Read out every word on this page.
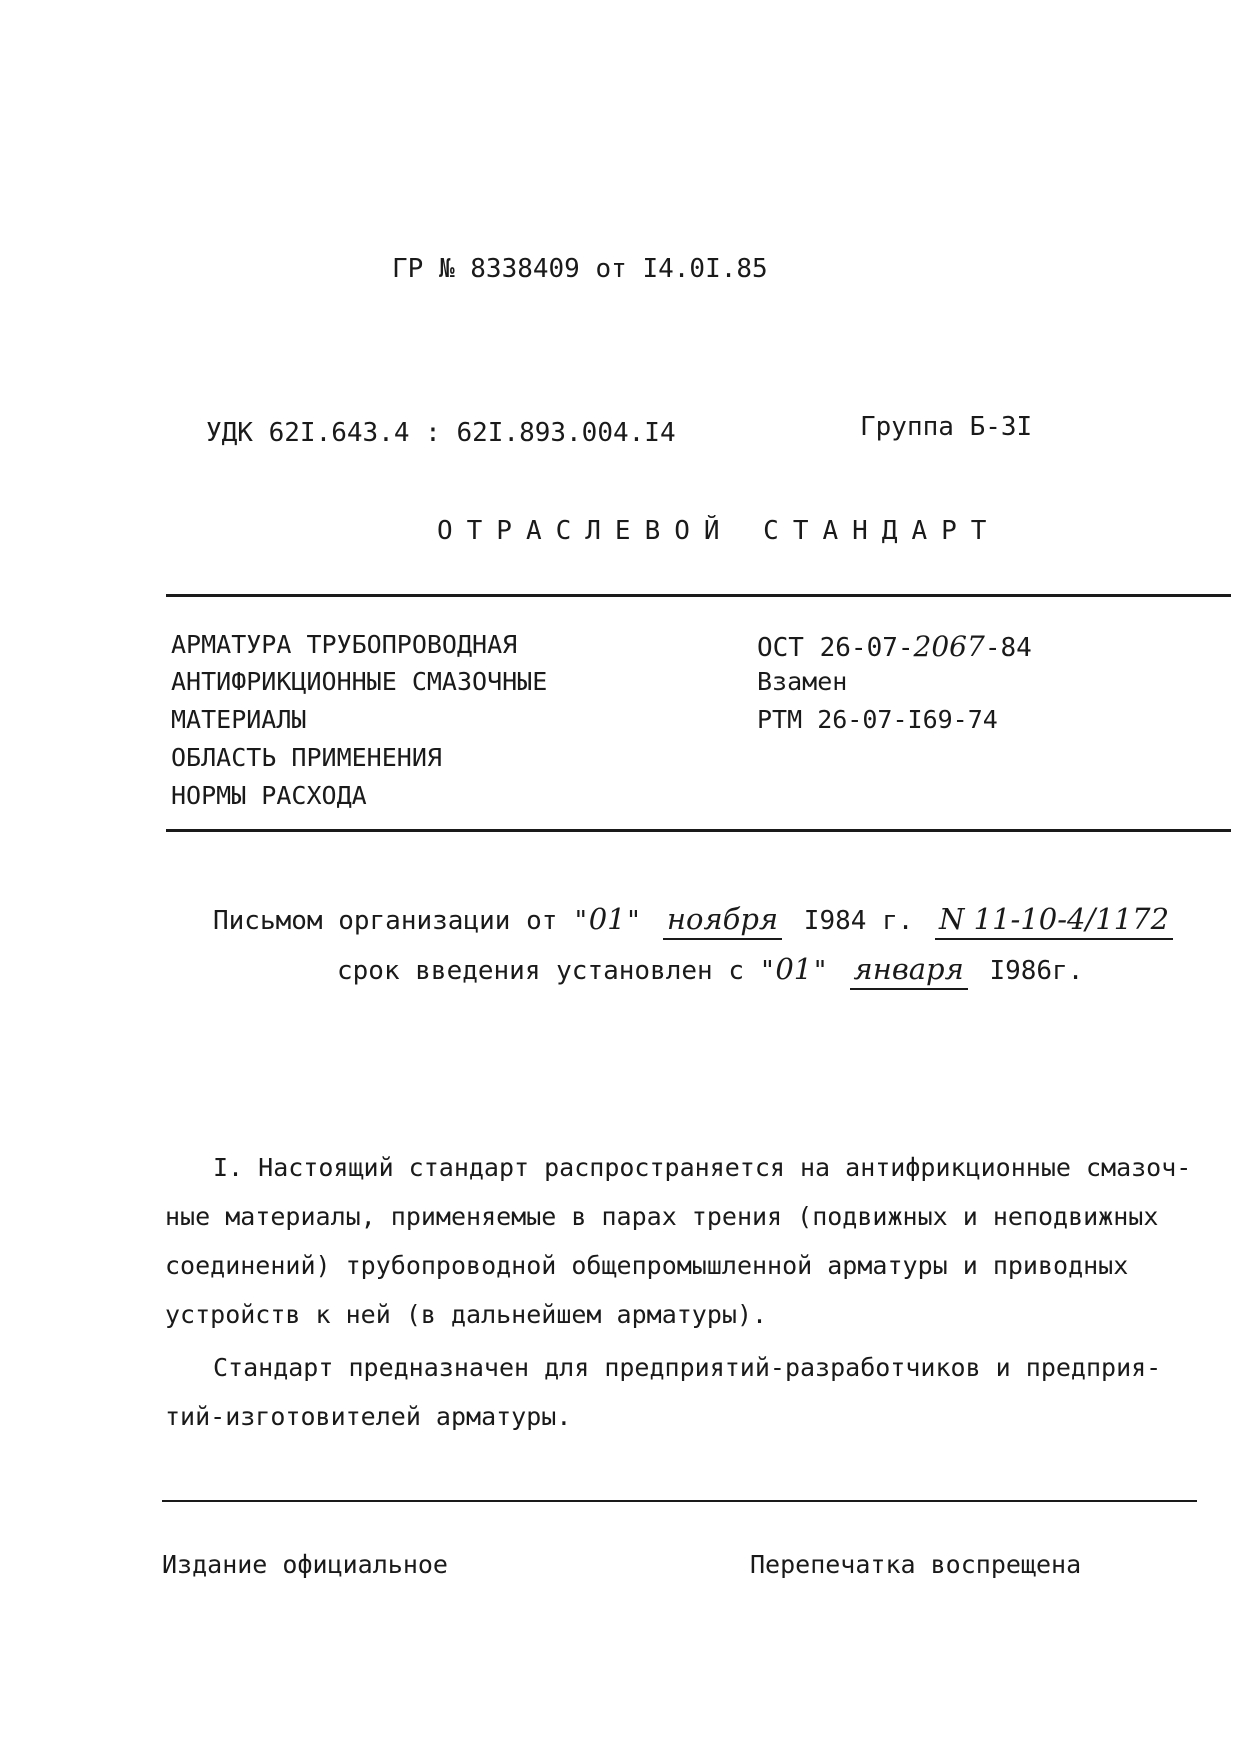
ГР № 8338409 от I4.0I.85
УДК 62I.643.4 : 62I.893.004.I4	Группа Б-3I
ОТРАСЛЕВОЙ СТАНДАРТ
АРМАТУРА ТРУБОПРОВОДНАЯ
АНТИФРИКЦИОННЫЕ СМАЗОЧНЫЕ
МАТЕРИАЛЫ
ОБЛАСТЬ ПРИМЕНЕНИЯ
НОРМЫ РАСХОДА
ОСТ 26-07-2067-84
Взамен
РТМ 26-07-I69-74
Письмом организации от "01" ноября I984 г. N 11-10-4/1172
срок введения установлен с "01" января I986г.
I. Настоящий стандарт распространяется на антифрикционные смазоч-
ные материалы, применяемые в парах трения (подвижных и неподвижных
соединений) трубопроводной общепромышленной арматуры и приводных
устройств к ней (в дальнейшем арматуры).
Стандарт предназначен для предприятий-разработчиков и предприя-
тий-изготовителей арматуры.
Издание официальное	Перепечатка воспрещена
